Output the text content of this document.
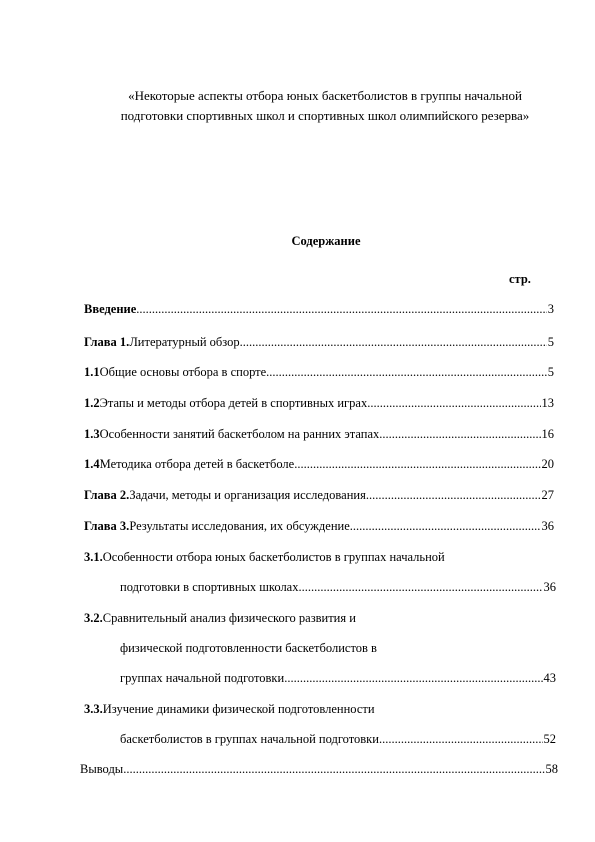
«Некоторые аспекты отбора юных баскетболистов в группы начальной
подготовки спортивных школ и спортивных школ олимпийского резерва»
Содержание
стр.
Введение .....	3
Глава 1. Литературный обзор .....	5
1.1 Общие основы отбора в спорте .....	5
1.2 Этапы и методы отбора детей в спортивных играх .....	13
1.3 Особенности занятий баскетболом на ранних этапах .....	16
1.4 Методика отбора детей в баскетболе .....	20
Глава 2. Задачи, методы и организация исследования .....	27
Глава 3. Результаты исследования, их обсуждение .....	36
3.1. Особенности отбора юных баскетболистов в группах начальной
подготовки в спортивных школах .....	36
3.2. Сравнительный анализ физического развития и
физической подготовленности баскетболистов в
группах начальной подготовки .....	43
3.3. Изучение динамики физической подготовленности
баскетболистов в группах начальной подготовки .....	52
Выводы .....	58
